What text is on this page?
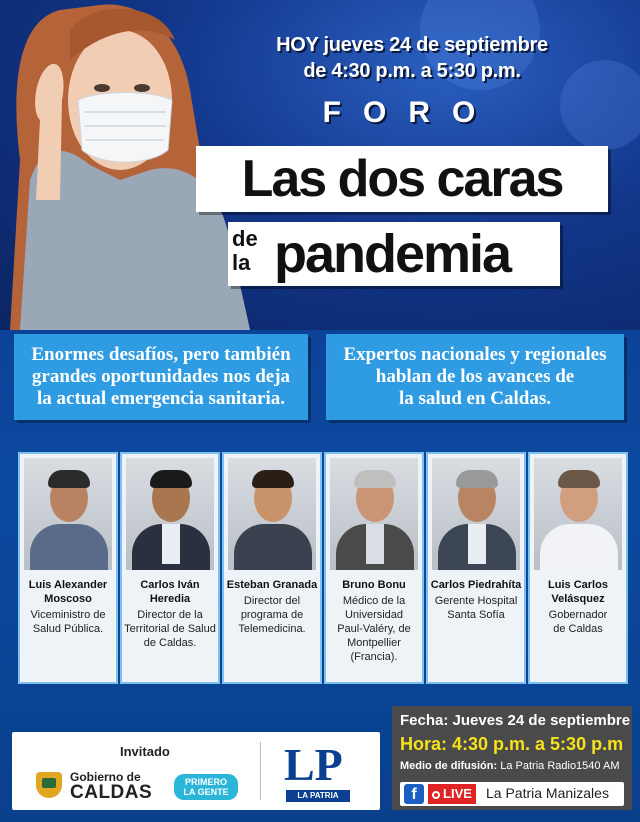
HOY jueves 24 de septiembre
de 4:30 p.m. a 5:30 p.m.
FORO
Las dos caras
de
la pandemia
Enormes desafíos, pero también
grandes oportunidades nos deja
la actual emergencia sanitaria.
Expertos nacionales y regionales
hablan de los avances de
la salud en Caldas.
Luis Alexander
Moscoso
Viceministro de
Salud Pública.
Carlos Iván
Heredia
Director de la
Territorial de Salud
de Caldas.
Esteban Granada
Director del
programa de
Telemedicina.
Bruno Bonu
Médico de la
Universidad
Paul-Valéry, de
Montpellier
(Francia).
Carlos Piedrahíta
Gerente Hospital
Santa Sofía
Luis Carlos
Velásquez
Gobernador
de Caldas
Invitado
Gobierno de
CALDAS	PRIMERO
LA GENTE
LP
LA PATRIA
Fecha: Jueves 24 de septiembre
Hora: 4:30 p.m. a 5:30 p.m
Medio de difusión: La Patria Radio1540 AM
f	LIVE La Patria Manizales
